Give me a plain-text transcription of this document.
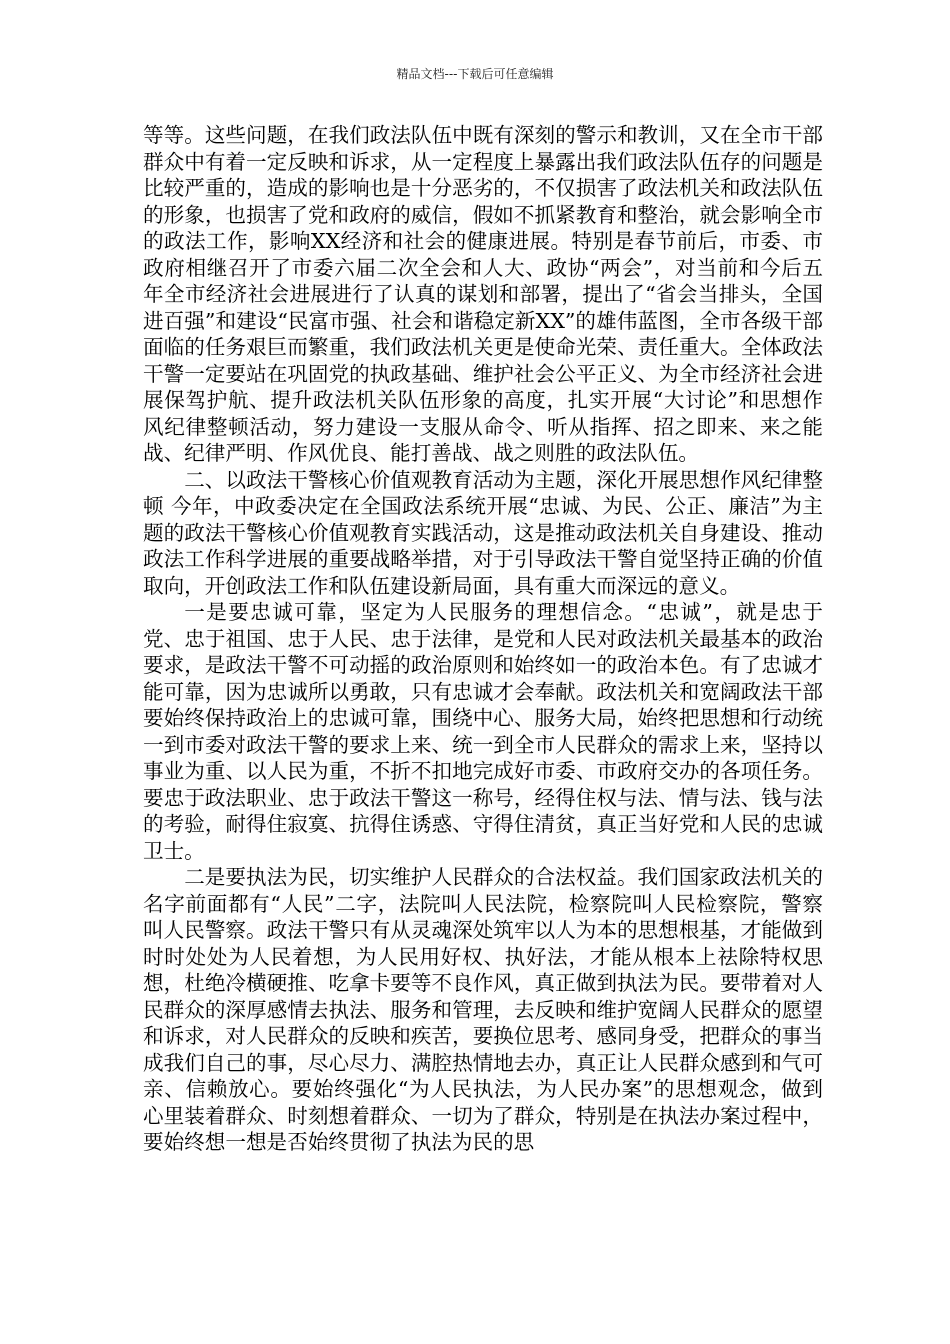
精品文档---下载后可任意编辑

等等。这些问题，在我们政法队伍中既有深刻的警示和教训，又在全市干部群众中有着一定反映和诉求，从一定程度上暴露出我们政法队伍存的问题是比较严重的，造成的影响也是十分恶劣的，不仅损害了政法机关和政法队伍的形象，也损害了党和政府的威信，假如不抓紧教育和整治，就会影响全市的政法工作，影响XX经济和社会的健康进展。特别是春节前后，市委、市政府相继召开了市委六届二次全会和人大、政协“两会”，对当前和今后五年全市经济社会进展进行了认真的谋划和部署，提出了“省会当排头，全国进百强”和建设“民富市强、社会和谐稳定新XX”的雄伟蓝图，全市各级干部面临的任务艰巨而繁重，我们政法机关更是使命光荣、责任重大。全体政法干警一定要站在巩固党的执政基础、维护社会公平正义、为全市经济社会进展保驾护航、提升政法机关队伍形象的高度，扎实开展“大讨论”和思想作风纪律整顿活动，努力建设一支服从命令、听从指挥、招之即来、来之能战、纪律严明、作风优良、能打善战、战之则胜的政法队伍。

二、以政法干警核心价值观教育活动为主题，深化开展思想作风纪律整顿 今年，中政委决定在全国政法系统开展“忠诚、为民、公正、廉洁”为主题的政法干警核心价值观教育实践活动，这是推动政法机关自身建设、推动政法工作科学进展的重要战略举措，对于引导政法干警自觉坚持正确的价值取向，开创政法工作和队伍建设新局面，具有重大而深远的意义。

一是要忠诚可靠，坚定为人民服务的理想信念。“忠诚”，就是忠于党、忠于祖国、忠于人民、忠于法律，是党和人民对政法机关最基本的政治要求，是政法干警不可动摇的政治原则和始终如一的政治本色。有了忠诚才能可靠，因为忠诚所以勇敢，只有忠诚才会奉献。政法机关和宽阔政法干部要始终保持政治上的忠诚可靠，围绕中心、服务大局，始终把思想和行动统一到市委对政法干警的要求上来、统一到全市人民群众的需求上来，坚持以事业为重、以人民为重，不折不扣地完成好市委、市政府交办的各项任务。要忠于政法职业、忠于政法干警这一称号，经得住权与法、情与法、钱与法的考验，耐得住寂寞、抗得住诱惑、守得住清贫，真正当好党和人民的忠诚卫士。

二是要执法为民，切实维护人民群众的合法权益。我们国家政法机关的名字前面都有“人民”二字，法院叫人民法院，检察院叫人民检察院，警察叫人民警察。政法干警只有从灵魂深处筑牢以人为本的思想根基，才能做到时时处处为人民着想，为人民用好权、执好法，才能从根本上祛除特权思想，杜绝冷横硬推、吃拿卡要等不良作风，真正做到执法为民。要带着对人民群众的深厚感情去执法、服务和管理，去反映和维护宽阔人民群众的愿望和诉求，对人民群众的反映和疾苦，要换位思考、感同身受，把群众的事当成我们自己的事，尽心尽力、满腔热情地去办，真正让人民群众感到和气可亲、信赖放心。要始终强化“为人民执法，为人民办案”的思想观念，做到心里装着群众、时刻想着群众、一切为了群众，特别是在执法办案过程中，要始终想一想是否始终贯彻了执法为民的思
